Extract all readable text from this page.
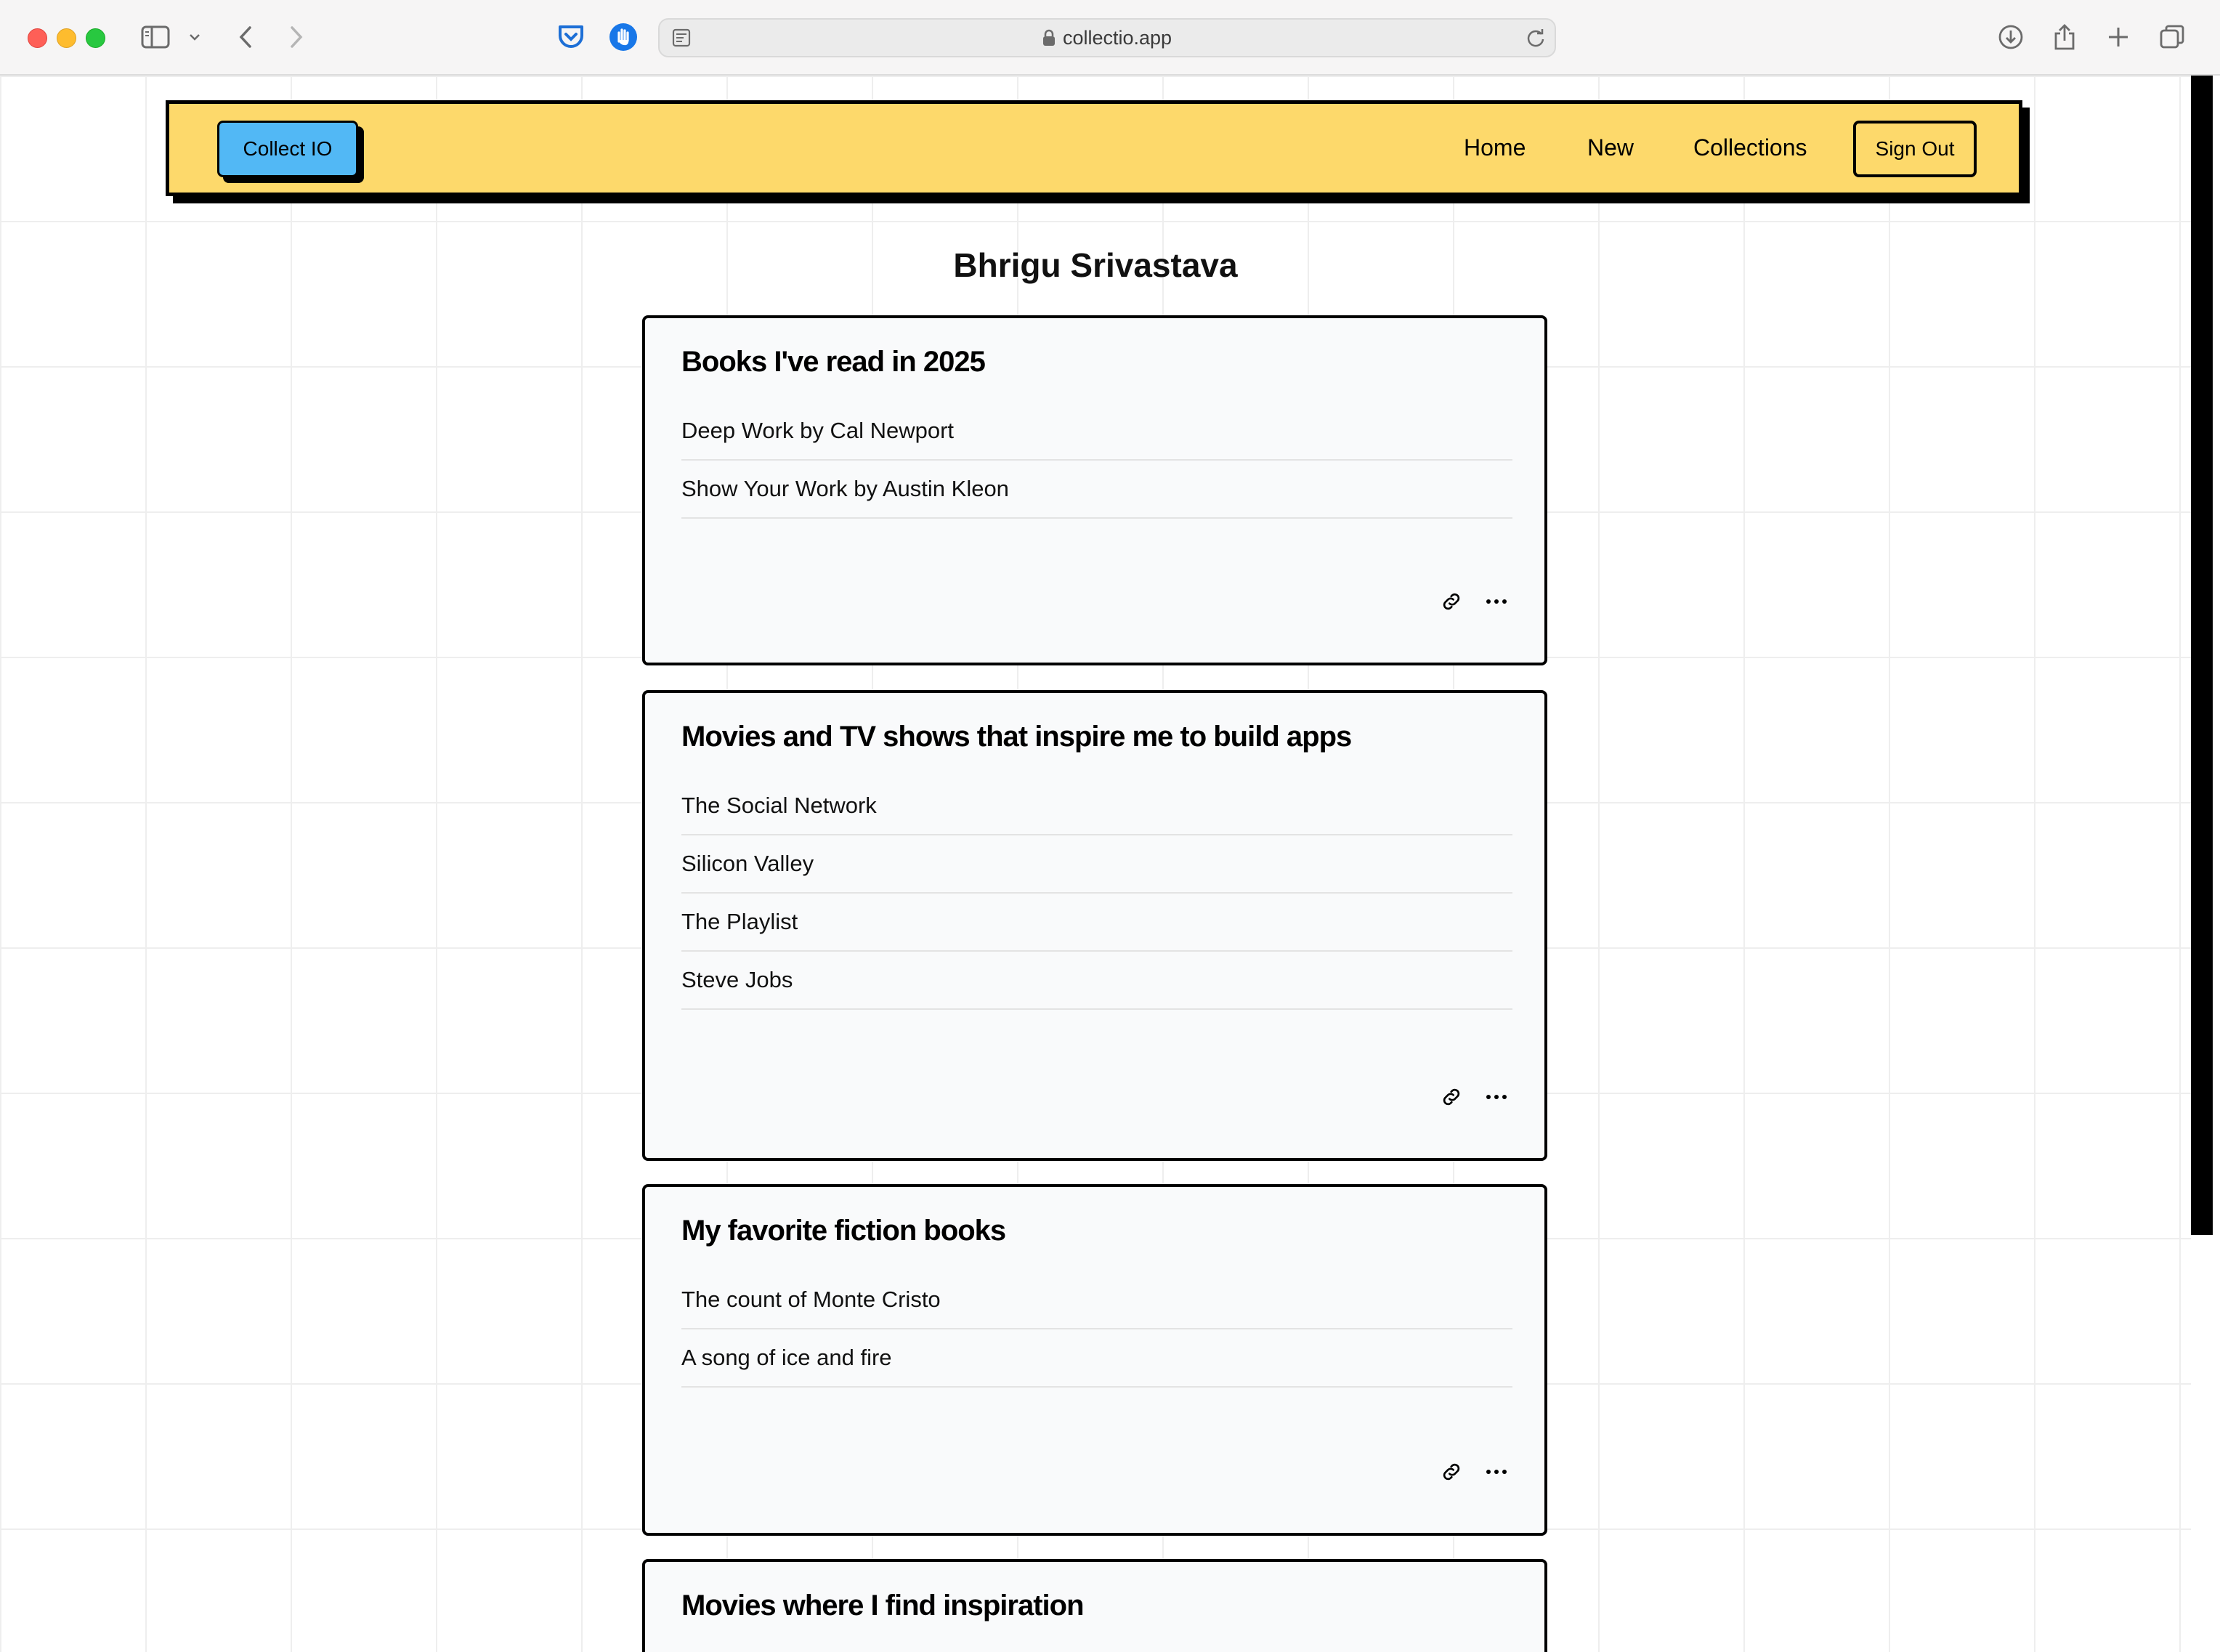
collectio.app
Collect IO	Home	New	Collections	Sign Out
Bhrigu Srivastava
Books I've read in 2025
Deep Work by Cal Newport
Show Your Work by Austin Kleon
Movies and TV shows that inspire me to build apps
The Social Network
Silicon Valley
The Playlist
Steve Jobs
My favorite fiction books
The count of Monte Cristo
A song of ice and fire
Movies where I find inspiration
